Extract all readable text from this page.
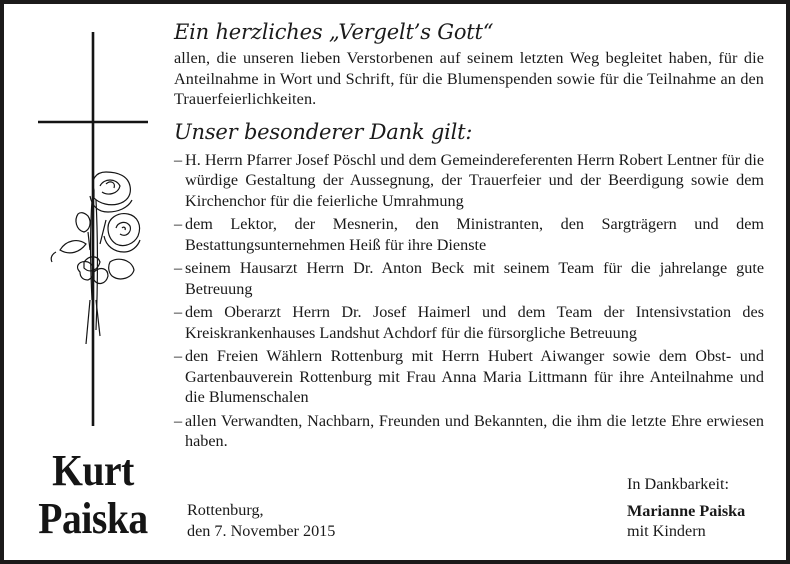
Kurt
Paiska
Ein herzliches „Vergelt’s Gott“

allen, die unseren lieben Verstorbenen auf seinem letzten Weg begleitet haben, für die Anteilnahme in Wort und Schrift, für die Blumenspenden sowie für die Teilnahme an den Trauerfeierlichkeiten.

Unser besonderer Dank gilt:
– H. Herrn Pfarrer Josef Pöschl und dem Gemeindereferenten Herrn Robert Lentner für die würdige Gestaltung der Aussegnung, der Trauerfeier und der Beerdigung sowie dem Kirchenchor für die feierliche Umrahmung
– dem Lektor, der Mesnerin, den Ministranten, den Sargträgern und dem Bestattungsunternehmen Heiß für ihre Dienste
– seinem Hausarzt Herrn Dr. Anton Beck mit seinem Team für die jahrelange gute Betreuung
– dem Oberarzt Herrn Dr. Josef Haimerl und dem Team der Intensivstation des Kreiskrankenhauses Landshut Achdorf für die fürsorgliche Betreuung
– den Freien Wählern Rottenburg mit Herrn Hubert Aiwanger sowie dem Obst- und Gartenbauverein Rottenburg mit Frau Anna Maria Littmann für ihre Anteilnahme und die Blumenschalen
– allen Verwandten, Nachbarn, Freunden und Bekannten, die ihm die letzte Ehre erwiesen haben.
Rottenburg,
den 7. November 2015
In Dankbarkeit:
Marianne Paiska
mit Kindern
